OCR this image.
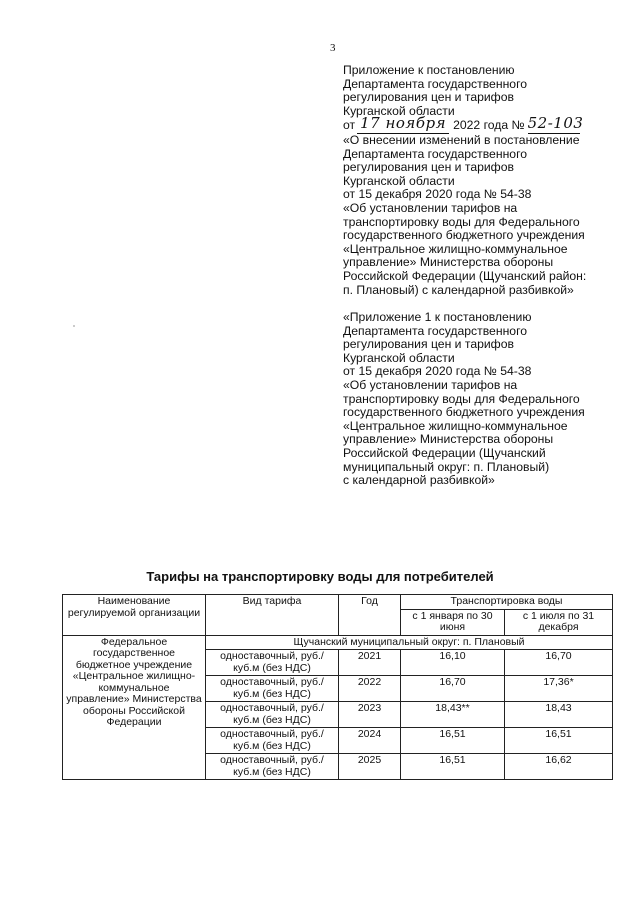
3
Приложение к постановлению
Департамента государственного
регулирования цен и тарифов
Курганской области
от 17 ноября 2022 года № 52-103
«О внесении изменений в постановление
Департамента государственного
регулирования цен и тарифов
Курганской области
от 15 декабря 2020 года № 54-38
«Об установлении тарифов на
транспортировку воды для Федерального
государственного бюджетного учреждения
«Центральное жилищно-коммунальное
управление» Министерства обороны
Российской Федерации (Щучанский район:
п. Плановый) с календарной разбивкой»
«Приложение 1 к постановлению
Департамента государственного
регулирования цен и тарифов
Курганской области
от 15 декабря 2020 года № 54-38
«Об установлении тарифов на
транспортировку воды для Федерального
государственного бюджетного учреждения
«Центральное жилищно-коммунальное
управление» Министерства обороны
Российской Федерации (Щучанский
муниципальный округ: п. Плановый)
с календарной разбивкой»
Тарифы на транспортировку воды для потребителей
Наименование регулируемой организации	Вид тарифа	Год	Транспортировка воды	
			с 1 января по 30 июня	с 1 июля по 31 декабря
Федеральное государственное бюджетное учреждение «Центральное жилищно-коммунальное управление» Министерства обороны Российской Федерации	Щучанский муниципальный округ: п. Плановый			
	одноставочный, руб./куб.м (без НДС)	2021	16,10	16,70
	одноставочный, руб./куб.м (без НДС)	2022	16,70	17,36*
	одноставочный, руб./куб.м (без НДС)	2023	18,43**	18,43
	одноставочный, руб./куб.м (без НДС)	2024	16,51	16,51
	одноставочный, руб./куб.м (без НДС)	2025	16,51	16,62
